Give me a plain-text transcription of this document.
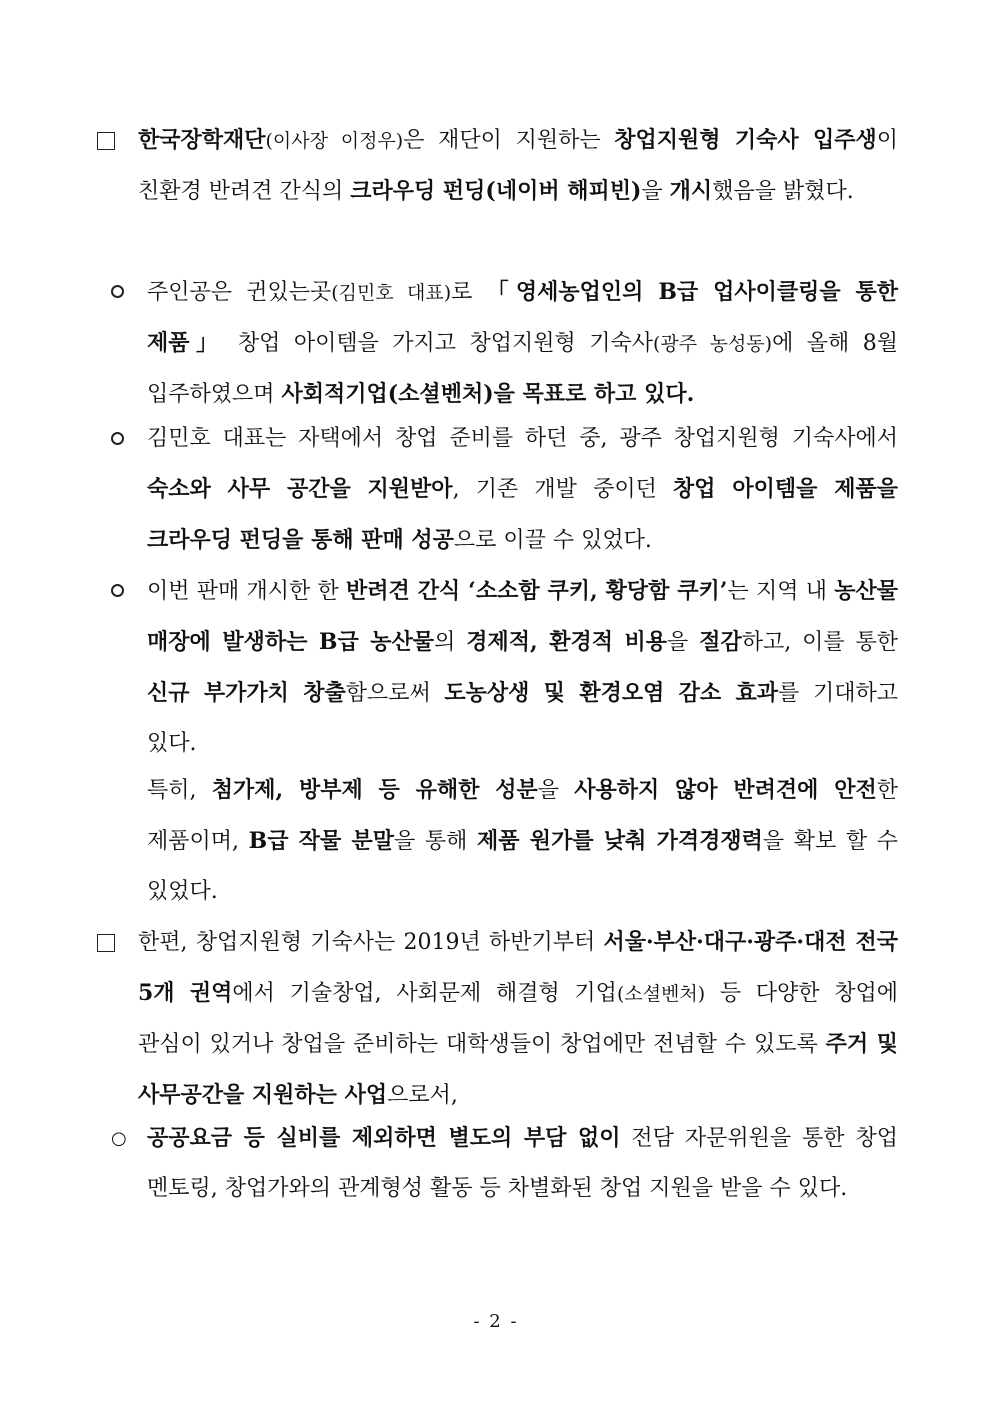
한국장학재단(이사장 이정우)은 재단이 지원하는 창업지원형 기숙사 입주생이 친환경 반려견 간식의 크라우딩 펀딩(네이버 해피빈)을 개시했음을 밝혔다.
주인공은 귄있는곳(김민호 대표)로 「영세농업인의 B급 업사이클링을 통한 제품」 창업 아이템을 가지고 창업지원형 기숙사(광주 농성동)에 올해 8월 입주하였으며 사회적기업(소셜벤처)을 목표로 하고 있다.
김민호 대표는 자택에서 창업 준비를 하던 중, 광주 창업지원형 기숙사에서 숙소와 사무 공간을 지원받아, 기존 개발 중이던 창업 아이템을 제품을 크라우딩 펀딩을 통해 판매 성공으로 이끌 수 있었다.
이번 판매 개시한 한 반려견 간식 ‘소소함 쿠키, 황당함 쿠키’는 지역 내 농산물 매장에 발생하는 B급 농산물의 경제적, 환경적 비용을 절감하고, 이를 통한 신규 부가가치 창출함으로써 도농상생 및 환경오염 감소 효과를 기대하고 있다.
특히, 첨가제, 방부제 등 유해한 성분을 사용하지 않아 반려견에 안전한 제품이며, B급 작물 분말을 통해 제품 원가를 낮춰 가격경쟁력을 확보 할 수 있었다.
한편, 창업지원형 기숙사는 2019년 하반기부터 서울·부산·대구·광주·대전 전국 5개 권역에서 기술창업, 사회문제 해결형 기업(소셜벤처) 등 다양한 창업에 관심이 있거나 창업을 준비하는 대학생들이 창업에만 전념할 수 있도록 주거 및 사무공간을 지원하는 사업으로서,
○ 공공요금 등 실비를 제외하면 별도의 부담 없이 전담 자문위원을 통한 창업 멘토링, 창업가와의 관계형성 활동 등 차별화된 창업 지원을 받을 수 있다.
- 2 -
